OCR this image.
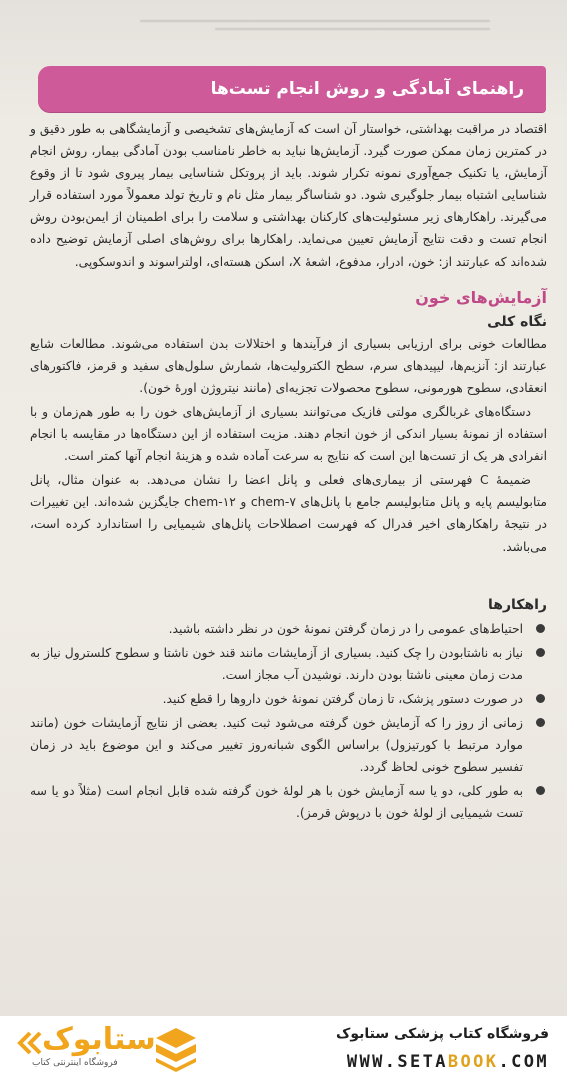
راهنمای آمادگی و روش انجام تست‌ها

اقتصاد در مراقبت بهداشتی، خواستار آن است که آزمایش‌های تشخیصی و آزمایشگاهی به طور دقیق و در کمترین زمان ممکن صورت گیرد. آزمایش‌ها نباید به خاطر نامناسب بودن آمادگی بیمار، روش انجام آزمایش، یا تکنیک جمع‌آوری نمونه تکرار شوند. باید از پروتکل شناسایی بیمار پیروی شود تا از وقوع شناسایی اشتباه بیمار جلوگیری شود. دو شناساگر بیمار مثل نام و تاریخ تولد معمولاً مورد استفاده قرار می‌گیرند. راهکارهای زیر مسئولیت‌های کارکنان بهداشتی و سلامت را برای اطمینان از ایمن‌بودن روش انجام تست و دقت نتایج آزمایش تعیین می‌نماید. راهکارها برای روش‌های اصلی آزمایش توضیح داده شده‌اند که عبارتند از: خون، ادرار، مدفوع، اشعهٔ X، اسکن هسته‌ای، اولتراسوند و اندوسکوپی.

آزمایش‌های خون
نگاه کلی

مطالعات خونی برای ارزیابی بسیاری از فرآیندها و اختلالات بدن استفاده می‌شوند. مطالعات شایع عبارتند از: آنزیم‌ها، لیپیدهای سرم، سطح الکترولیت‌ها، شمارش سلول‌های سفید و قرمز، فاکتورهای انعقادی، سطوح هورمونی، سطوح محصولات تجزیه‌ای (مانند نیتروژن اورهٔ خون).

دستگاه‌های غربالگری مولتی فازیک می‌توانند بسیاری از آزمایش‌های خون را به طور هم‌زمان و با استفاده از نمونهٔ بسیار اندکی از خون انجام دهند. مزیت استفاده از این دستگاه‌ها در مقایسه با انجام انفرادی هر یک از تست‌ها این است که نتایج به سرعت آماده شده و هزینهٔ انجام آنها کمتر است.

ضمیمهٔ C فهرستی از بیماری‌های فعلی و پانل اعضا را نشان می‌دهد. به عنوان مثال، پانل متابولیسم پایه و پانل متابولیسم جامع با پانل‌های chem-۷ و chem-۱۲ جایگزین شده‌اند. این تغییرات در نتیجهٔ راهکارهای اخیر فدرال که فهرست اصطلاحات پانل‌های شیمیایی را استاندارد کرده است، می‌باشد.

راهکارها
احتیاط‌های عمومی را در زمان گرفتن نمونهٔ خون در نظر داشته باشید.
نیاز به ناشتابودن را چک کنید. بسیاری از آزمایشات مانند قند خون ناشتا و سطوح کلسترول نیاز به مدت زمان معینی ناشتا بودن دارند. نوشیدن آب مجاز است.
در صورت دستور پزشک، تا زمان گرفتن نمونهٔ خون داروها را قطع کنید.
زمانی از روز را که آزمایش خون گرفته می‌شود ثبت کنید. بعضی از نتایج آزمایشات خون (مانند موارد مرتبط با کورتیزول) براساس الگوی شبانه‌روز تغییر می‌کند و این موضوع باید در زمان تفسیر سطوح خونی لحاظ گردد.
به طور کلی، دو یا سه آزمایش خون با هر لولهٔ خون گرفته شده قابل انجام است (مثلاً دو یا سه تست شیمیایی از لولهٔ خون با درپوش قرمز).
ستابوک
فروشگاه اینترنتی کتاب
فروشگاه کتاب پزشکی ستابوک
WWW.SETABOOK.COM
